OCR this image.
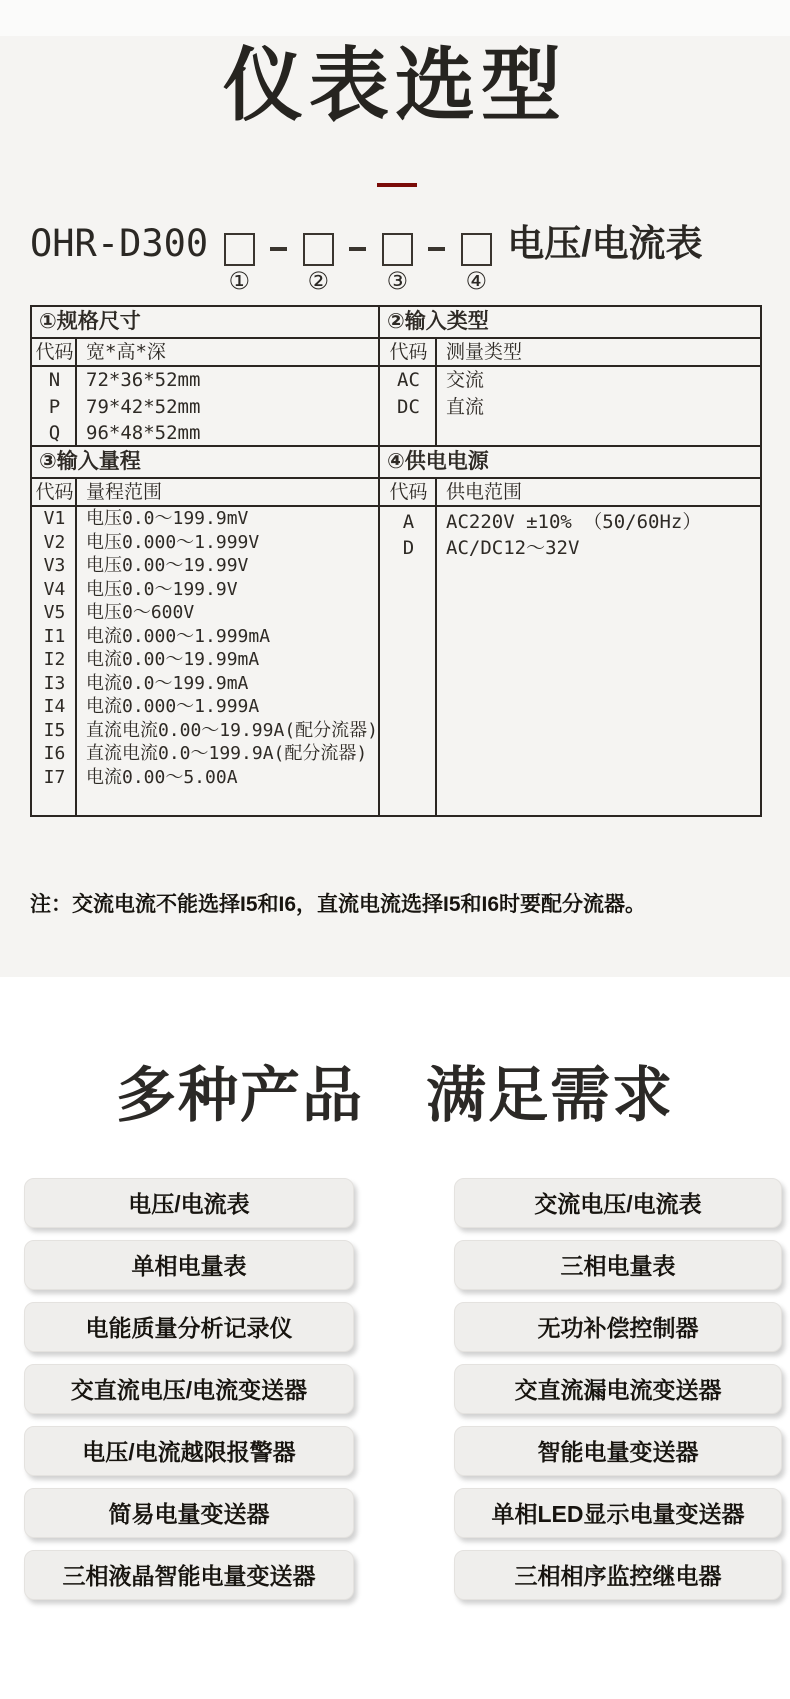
仪表选型
OHR-D300
① ② ③ ④
电压/电流表
①规格尺寸
代码 宽*高*深
N	72*36*52mm
P	79*42*52mm
Q	96*48*52mm
②输入类型
代码 测量类型
AC	交流
DC	直流
③输入量程
代码 量程范围
V1	电压0.0～199.9mV
V2	电压0.000～1.999V
V3	电压0.00～19.99V
V4	电压0.0～199.9V
V5	电压0～600V
I1	电流0.000～1.999mA
I2	电流0.00～19.99mA
I3	电流0.0～199.9mA
I4	电流0.000～1.999A
I5	直流电流0.00～19.99A(配分流器)
I6	直流电流0.0～199.9A(配分流器)
I7	电流0.00～5.00A
④供电电源
代码 供电范围
A	AC220V ±10% （50/60Hz）
D	AC/DC12～32V
注：交流电流不能选择I5和I6，直流电流选择I5和I6时要配分流器。
多种产品　满足需求
电压/电流表	交流电压/电流表
单相电量表	三相电量表
电能质量分析记录仪	无功补偿控制器
交直流电压/电流变送器	交直流漏电流变送器
电压/电流越限报警器	智能电量变送器
简易电量变送器	单相LED显示电量变送器
三相液晶智能电量变送器	三相相序监控继电器
